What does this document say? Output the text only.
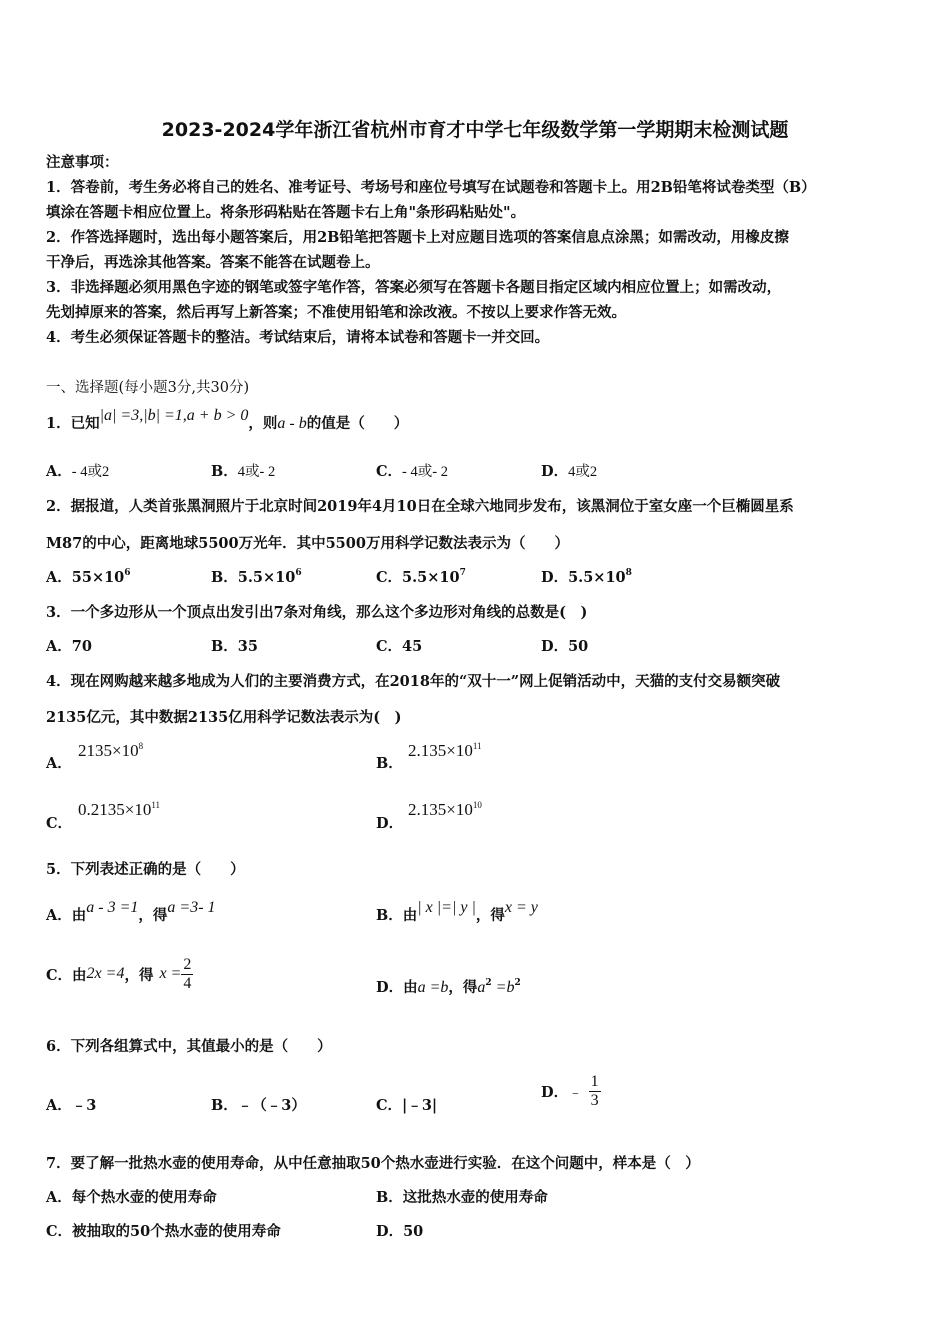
2023-2024学年浙江省杭州市育才中学七年级数学第一学期期末检测试题
注意事项：
1．答卷前，考生务必将自己的姓名、准考证号、考场号和座位号填写在试题卷和答题卡上。用2B铅笔将试卷类型（B）
填涂在答题卡相应位置上。将条形码粘贴在答题卡右上角"条形码粘贴处"。
2．作答选择题时，选出每小题答案后，用2B铅笔把答题卡上对应题目选项的答案信息点涂黑；如需改动，用橡皮擦
干净后，再选涂其他答案。答案不能答在试题卷上。
3．非选择题必须用黑色字迹的钢笔或签字笔作答，答案必须写在答题卡各题目指定区域内相应位置上；如需改动，
先划掉原来的答案，然后再写上新答案；不准使用铅笔和涂改液。不按以上要求作答无效。
4．考生必须保证答题卡的整洁。考试结束后，请将本试卷和答题卡一并交回。
一、选择题(每小题3分,共30分)
1．已知|a| =3,|b| =1,a + b > 0，则a - b的值是（　　）
A．- 4或2	B．4或- 2	C．- 4或- 2	D．4或2
2．据报道，人类首张黑洞照片于北京时间2019年4月10日在全球六地同步发布，该黑洞位于室女座一个巨椭圆星系
M87的中心，距离地球5500万光年．其中5500万用科学记数法表示为（　　）
A．$55\times 10^6$	B．$5.5\times 10^6$	C．$5.5\times 10^7$	D．$5.5\times 10^8$
3．一个多边形从一个顶点出发引出7条对角线，那么这个多边形对角线的总数是(　)
A．70	B．35	C．45	D．50
4．现在网购越来越多地成为人们的主要消费方式，在2018年的“双十一”网上促销活动中，天猫的支付交易额突破
2135亿元，其中数据2135亿用科学记数法表示为(　)
A．
$2135\times 10^8$
B．
$2.135\times 10^{11}$
C．
$0.2135\times 10^{11}$
D．
$2.135\times 10^{10}$
5．下列表述正确的是（　　）
A．由a - 3 =1，得a =3- 1	B．由| x |=| y |，得x = y
C．由 2x =4 ，得 $x = \frac{2}{4}$	D．由a =b，得$a^2 =b^2$
6．下列各组算式中，其值最小的是（　　）
A．﹣3	B．﹣（﹣3）	C．|﹣3|
D． ﹣ $\frac{1}{3}$
7．要了解一批热水壶的使用寿命，从中任意抽取50个热水壶进行实验．在这个问题中，样本是（　）
A．每个热水壶的使用寿命	B．这批热水壶的使用寿命
C．被抽取的50个热水壶的使用寿命	D．50
